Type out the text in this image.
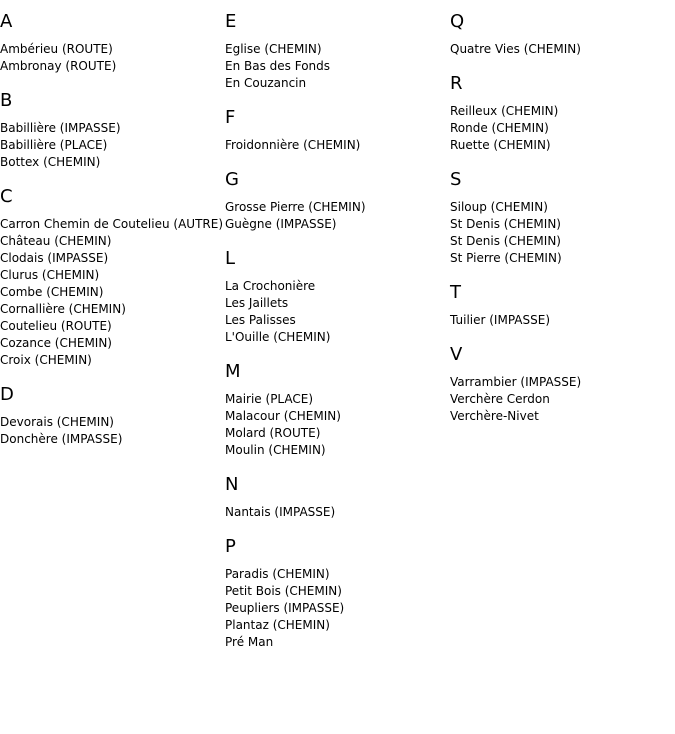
A
Ambérieu (ROUTE)
Ambronay (ROUTE)
B
Babillière (IMPASSE)
Babillière (PLACE)
Bottex (CHEMIN)
C
Carron Chemin de Coutelieu (AUTRE)
Château (CHEMIN)
Clodais (IMPASSE)
Clurus (CHEMIN)
Combe (CHEMIN)
Cornallière (CHEMIN)
Coutelieu (ROUTE)
Cozance (CHEMIN)
Croix (CHEMIN)
D
Devorais (CHEMIN)
Donchère (IMPASSE)
E
Eglise (CHEMIN)
En Bas des Fonds
En Couzancin
F
Froidonnière (CHEMIN)
G
Grosse Pierre (CHEMIN)
Guègne (IMPASSE)
L
La Crochonière
Les Jaillets
Les Palisses
L'Ouille (CHEMIN)
M
Mairie (PLACE)
Malacour (CHEMIN)
Molard (ROUTE)
Moulin (CHEMIN)
N
Nantais (IMPASSE)
P
Paradis (CHEMIN)
Petit Bois (CHEMIN)
Peupliers (IMPASSE)
Plantaz (CHEMIN)
Pré Man
Q
Quatre Vies (CHEMIN)
R
Reilleux (CHEMIN)
Ronde (CHEMIN)
Ruette (CHEMIN)
S
Siloup (CHEMIN)
St Denis (CHEMIN)
St Denis (CHEMIN)
St Pierre (CHEMIN)
T
Tuilier (IMPASSE)
V
Varrambier (IMPASSE)
Verchère Cerdon
Verchère-Nivet
